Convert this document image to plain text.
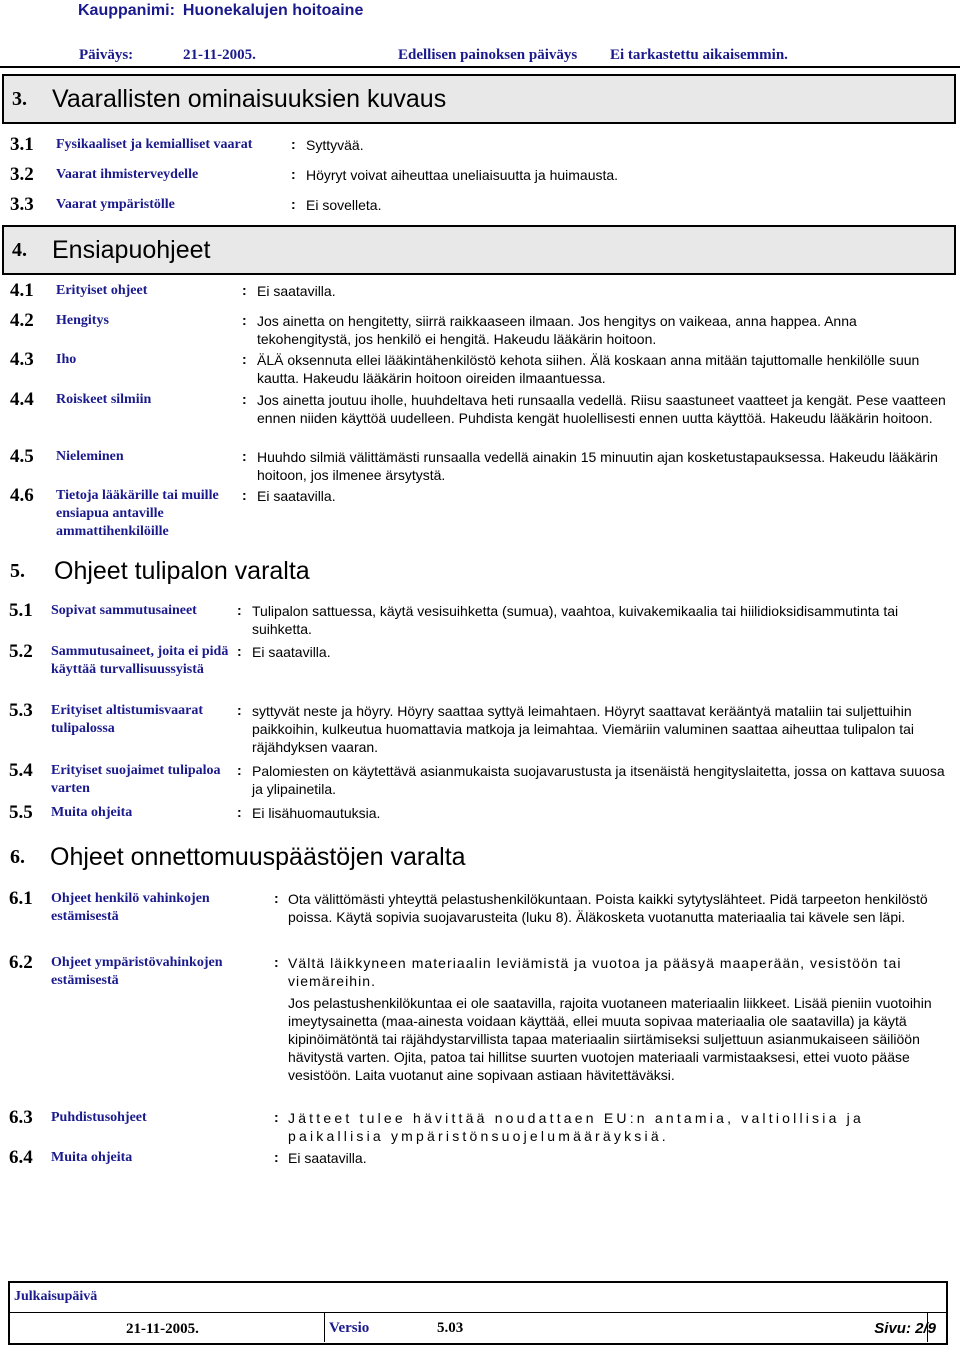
Kauppanimi: Huonekalujen hoitoaine
Päiväys:	21-11-2005.	Edellisen painoksen päiväys Ei tarkastettu aikaisemmin.
3.	Vaarallisten ominaisuuksien kuvaus
3.1 Fysikaaliset ja kemialliset vaarat	: Syttyvää.
3.2 Vaarat ihmisterveydelle	: Höyryt voivat aiheuttaa uneliaisuutta ja huimausta.
3.3 Vaarat ympäristölle	: Ei sovelleta.
4.	Ensiapuohjeet
4.1 Erityiset ohjeet	: Ei saatavilla.
4.2 Hengitys	: Jos ainetta on hengitetty, siirrä raikkaaseen ilmaan. Jos hengitys on vaikeaa, anna happea. Anna tekohengitystä, jos henkilö ei hengitä. Hakeudu lääkärin hoitoon.
4.3 Iho	: ÄLÄ oksennuta ellei lääkintähenkilöstö kehota siihen. Älä koskaan anna mitään tajuttomalle henkilölle suun kautta. Hakeudu lääkärin hoitoon oireiden ilmaantuessa.
4.4 Roiskeet silmiin	: Jos ainetta joutuu iholle, huuhdeltava heti runsaalla vedellä. Riisu saastuneet vaatteet ja kengät. Pese vaatteen ennen niiden käyttöä uudelleen. Puhdista kengät huolellisesti ennen uutta käyttöä. Hakeudu lääkärin hoitoon.
4.5 Nieleminen	: Huuhdo silmiä välittämästi runsaalla vedellä ainakin 15 minuutin ajan kosketustapauksessa. Hakeudu lääkärin hoitoon, jos ilmenee ärsytystä.
4.6 Tietoja lääkärille tai muille ensiapua antaville ammattihenkilöille
: Ei saatavilla.
5.	Ohjeet tulipalon varalta
5.1 Sopivat sammutusaineet	: Tulipalon sattuessa, käytä vesisuihketta (sumua), vaahtoa, kuivakemikaalia tai hiilidioksidisammutinta tai suihketta.
5.2 Sammutusaineet, joita ei pidä käyttää turvallisuussyistä
: Ei saatavilla.
5.3 Erityiset altistumisvaarat tulipalossa
: syttyvät neste ja höyry. Höyry saattaa syttyä leimahtaen. Höyryt saattavat kerääntyä mataliin tai suljettuihin paikkoihin, kulkeutua huomattavia matkoja ja leimahtaa. Viemäriin valuminen saattaa aiheuttaa tulipalon tai räjähdyksen vaaran.
5.4 Erityiset suojaimet tulipaloa varten
: Palomiesten on käytettävä asianmukaista suojavarustusta ja itsenäistä hengityslaitetta, jossa on kattava suuosa ja ylipainetila.
5.5 Muita ohjeita	: Ei lisähuomautuksia.
6.	Ohjeet onnettomuuspäästöjen varalta
6.1 Ohjeet henkilö vahinkojen estämisestä
: Ota välittömästi yhteyttä pelastushenkilökuntaan. Poista kaikki sytytyslähteet. Pidä tarpeeton henkilöstö poissa. Käytä sopivia suojavarusteita (luku 8). Äläkosketa vuotanutta materiaalia tai kävele sen läpi.
6.2 Ohjeet ympäristövahinkojen estämisestä
: Vältä läikkyneen materiaalin leviämistä ja vuotoa ja pääsyä maaperään, vesistöön tai viemäreihin.
Jos pelastushenkilökuntaa ei ole saatavilla, rajoita vuotaneen materiaalin liikkeet. Lisää pieniin vuotoihin imeytysainetta (maa-ainesta voidaan käyttää, ellei muuta sopivaa materiaalia ole saatavilla) ja käytä kipinöimätöntä tai räjähdystarvillista tapaa materiaalin siirtämiseksi suljettuun asianmukaiseen säiliöön hävitystä varten. Ojita, patoa tai hillitse suurten vuotojen materiaali varmistaaksesi, ettei vuoto pääse vesistöön. Laita vuotanut aine sopivaan astiaan hävitettäväksi.
6.3 Puhdistusohjeet	: Jätteet tulee hävittää noudattaen EU:n antamia, valtiollisia ja paikallisia ympäristönsuojelumääräyksiä.
6.4 Muita ohjeita	: Ei saatavilla.
Julkaisupäivä
21-11-2005.	Versio	5.03	Sivu: 2/9
